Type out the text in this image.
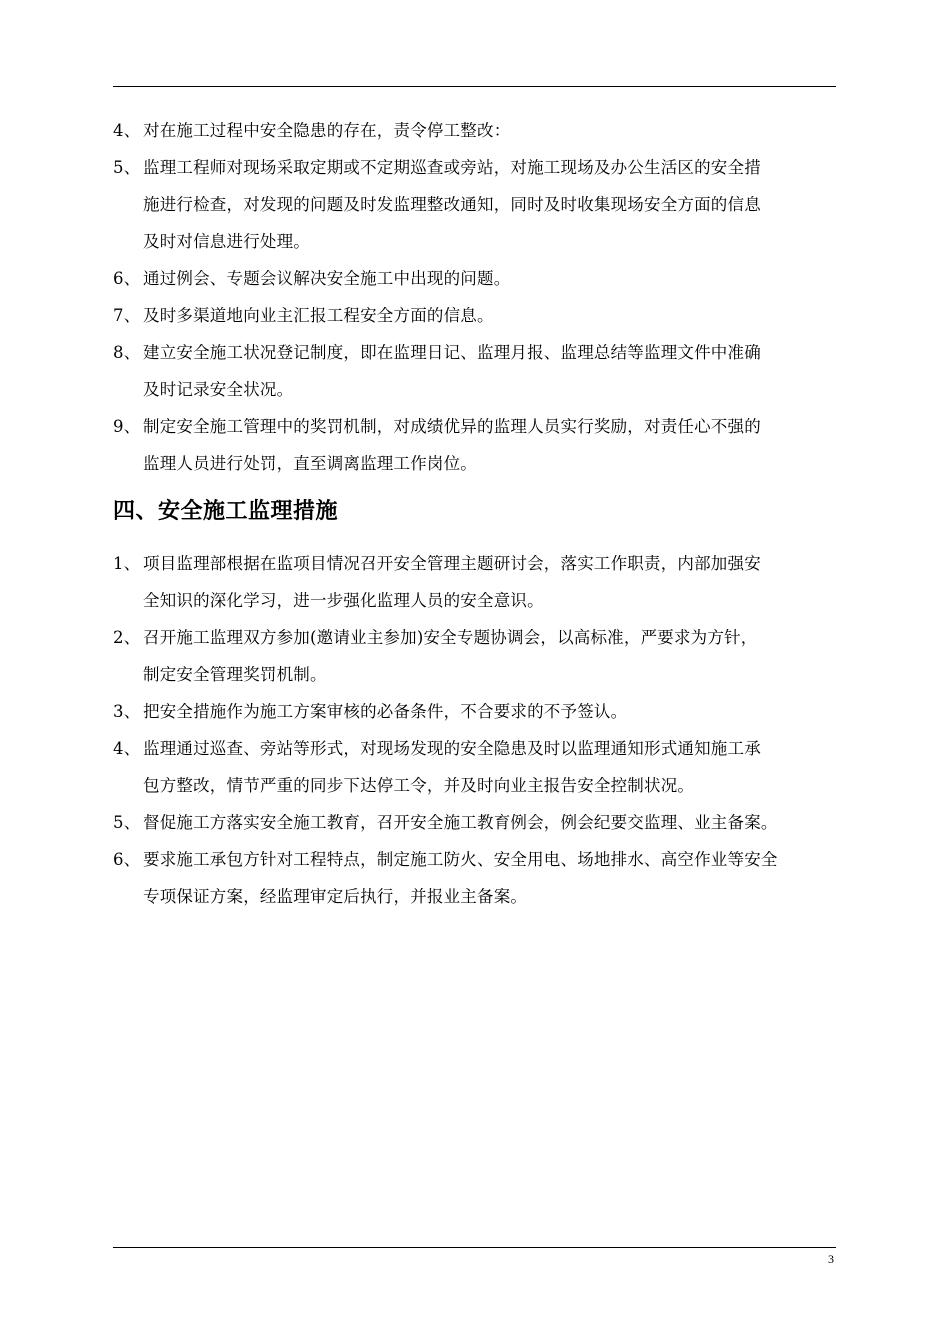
4、 对在施工过程中安全隐患的存在，责令停工整改：
5、 监理工程师对现场采取定期或不定期巡查或旁站，对施工现场及办公生活区的安全措
施进行检查，对发现的问题及时发监理整改通知，同时及时收集现场安全方面的信息
及时对信息进行处理。
6、 通过例会、专题会议解决安全施工中出现的问题。
7、 及时多渠道地向业主汇报工程安全方面的信息。
8、 建立安全施工状况登记制度，即在监理日记、监理月报、监理总结等监理文件中准确
及时记录安全状况。
9、 制定安全施工管理中的奖罚机制，对成绩优异的监理人员实行奖励，对责任心不强的
监理人员进行处罚，直至调离监理工作岗位。
四、安全施工监理措施
1、 项目监理部根据在监项目情况召开安全管理主题研讨会，落实工作职责，内部加强安
全知识的深化学习，进一步强化监理人员的安全意识。
2、 召开施工监理双方参加(邀请业主参加)安全专题协调会，以高标准，严要求为方针，
制定安全管理奖罚机制。
3、 把安全措施作为施工方案审核的必备条件，不合要求的不予签认。
4、 监理通过巡查、旁站等形式，对现场发现的安全隐患及时以监理通知形式通知施工承
包方整改，情节严重的同步下达停工令，并及时向业主报告安全控制状况。
5、 督促施工方落实安全施工教育，召开安全施工教育例会，例会纪要交监理、业主备案。
6、 要求施工承包方针对工程特点，制定施工防火、安全用电、场地排水、高空作业等安全
专项保证方案，经监理审定后执行，并报业主备案。
3
